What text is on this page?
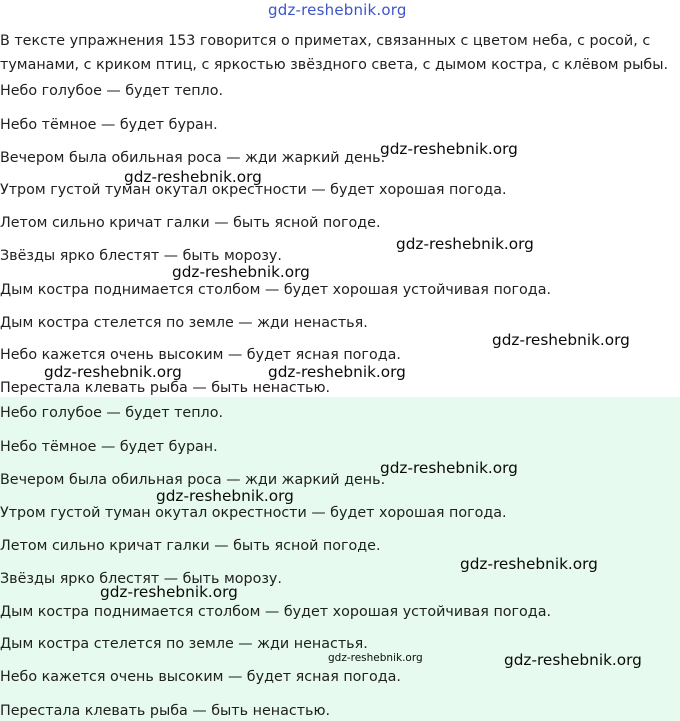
gdz-reshebnik.org

В тексте упражнения 153 говорится о приметах, связанных с цветом неба, с росой, с туманами, с криком птиц, с яркостью звёздного света, с дымом костра, с клёвом рыбы.

Небо голубое — будет тепло.

Небо тёмное — будет буран.

Вечером была обильная роса — жди жаркий день.

Утром густой туман окутал окрестности — будет хорошая погода.

Летом сильно кричат галки — быть ясной погоде.

Звёзды ярко блестят — быть морозу.

Дым костра поднимается столбом — будет хорошая устойчивая погода.

Дым костра стелется по земле — жди ненастья.

Небо кажется очень высоким — будет ясная погода.

Перестала клевать рыба — быть ненастью.

Небо голубое — будет тепло.

Небо тёмное — будет буран.

Вечером была обильная роса — жди жаркий день.

Утром густой туман окутал окрестности — будет хорошая погода.

Летом сильно кричат галки — быть ясной погоде.

Звёзды ярко блестят — быть морозу.

Дым костра поднимается столбом — будет хорошая устойчивая погода.

Дым костра стелется по земле — жди ненастья.

Небо кажется очень высоким — будет ясная погода.

Перестала клевать рыба — быть ненастью.

gdz-reshebnik.org
gdz-reshebnik.org
gdz-reshebnik.org
gdz-reshebnik.org
gdz-reshebnik.org
gdz-reshebnik.org	gdz-reshebnik.org
gdz-reshebnik.org
gdz-reshebnik.org
gdz-reshebnik.org
gdz-reshebnik.org
gdz-reshebnik.org	gdz-reshebnik.org
